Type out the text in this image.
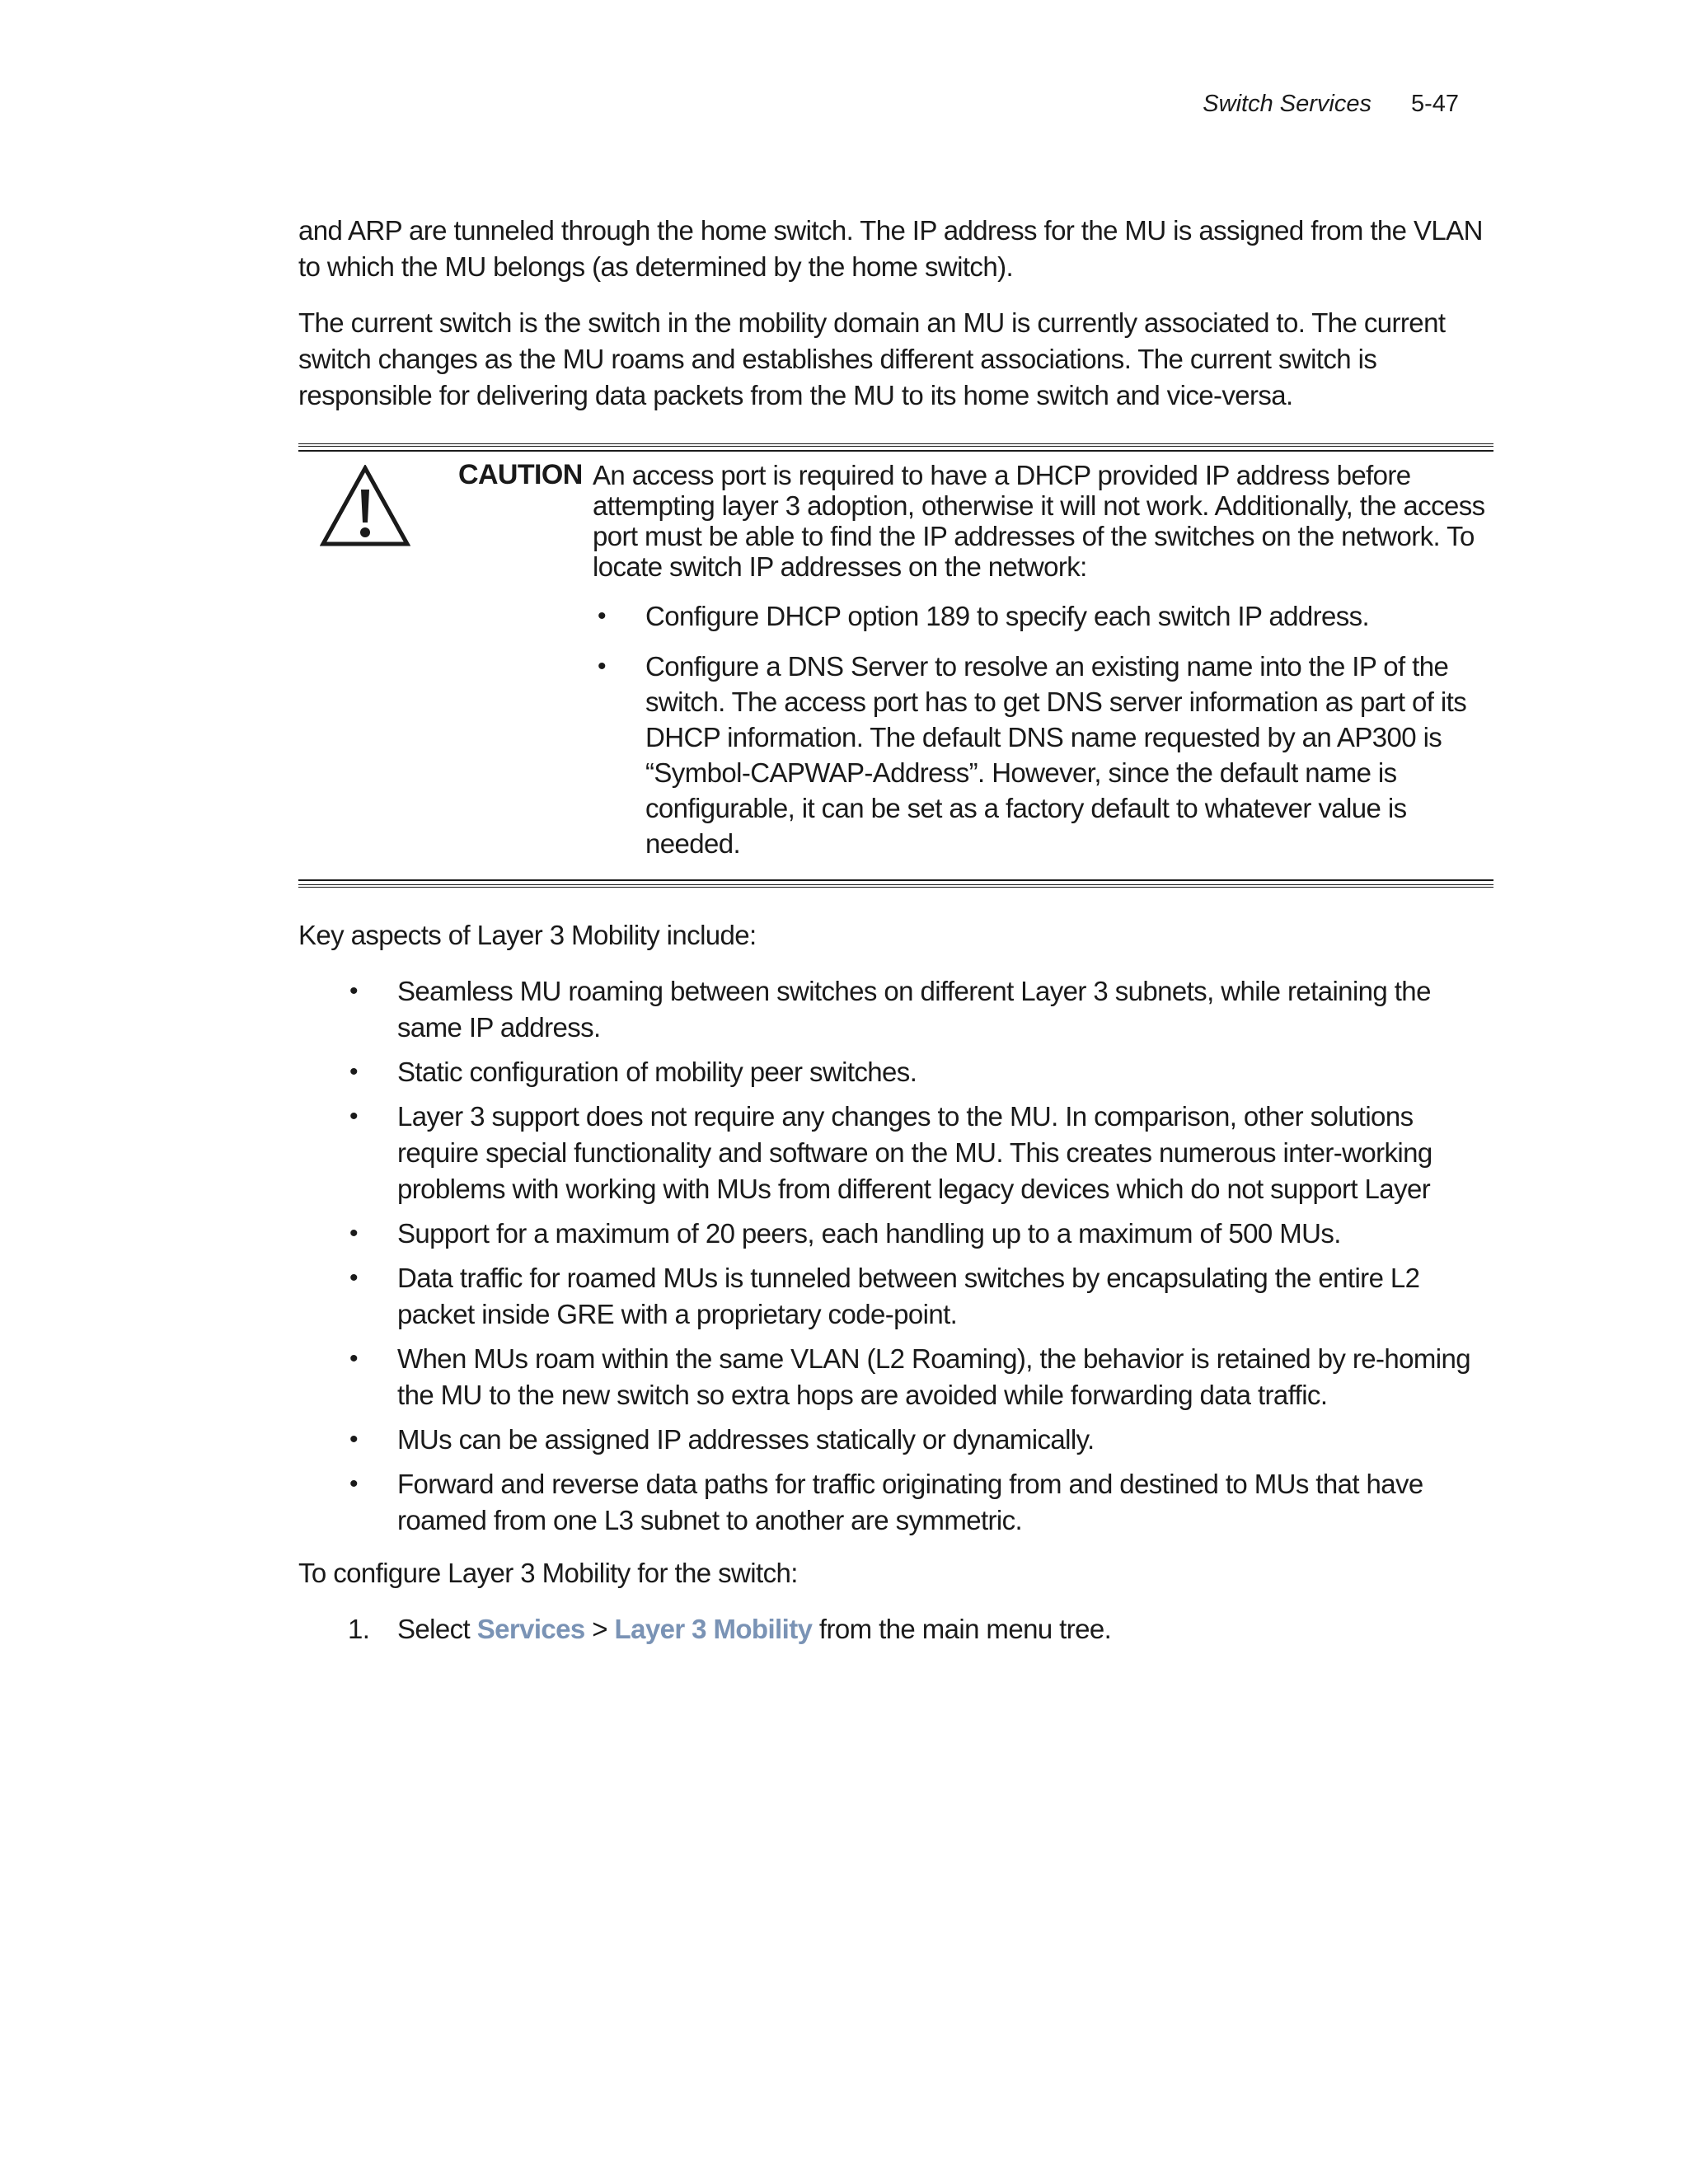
Switch Services 5-47

and ARP are tunneled through the home switch. The IP address for the MU is assigned from the VLAN to which the MU belongs (as determined by the home switch).

The current switch is the switch in the mobility domain an MU is currently associated to. The current switch changes as the MU roams and establishes different associations. The current switch is responsible for delivering data packets from the MU to its home switch and vice-versa.

CAUTION An access port is required to have a DHCP provided IP address before attempting layer 3 adoption, otherwise it will not work. Additionally, the access port must be able to find the IP addresses of the switches on the network. To locate switch IP addresses on the network:

• Configure DHCP option 189 to specify each switch IP address.
• Configure a DNS Server to resolve an existing name into the IP of the switch. The access port has to get DNS server information as part of its DHCP information. The default DNS name requested by an AP300 is “Symbol-CAPWAP-Address”. However, since the default name is configurable, it can be set as a factory default to whatever value is needed.

Key aspects of Layer 3 Mobility include:

• Seamless MU roaming between switches on different Layer 3 subnets, while retaining the same IP address.
• Static configuration of mobility peer switches.
• Layer 3 support does not require any changes to the MU. In comparison, other solutions require special functionality and software on the MU. This creates numerous inter-working problems with working with MUs from different legacy devices which do not support Layer
• Support for a maximum of 20 peers, each handling up to a maximum of 500 MUs.
• Data traffic for roamed MUs is tunneled between switches by encapsulating the entire L2 packet inside GRE with a proprietary code-point.
• When MUs roam within the same VLAN (L2 Roaming), the behavior is retained by re-homing the MU to the new switch so extra hops are avoided while forwarding data traffic.
• MUs can be assigned IP addresses statically or dynamically.
• Forward and reverse data paths for traffic originating from and destined to MUs that have roamed from one L3 subnet to another are symmetric.

To configure Layer 3 Mobility for the switch:

1. Select Services > Layer 3 Mobility from the main menu tree.
